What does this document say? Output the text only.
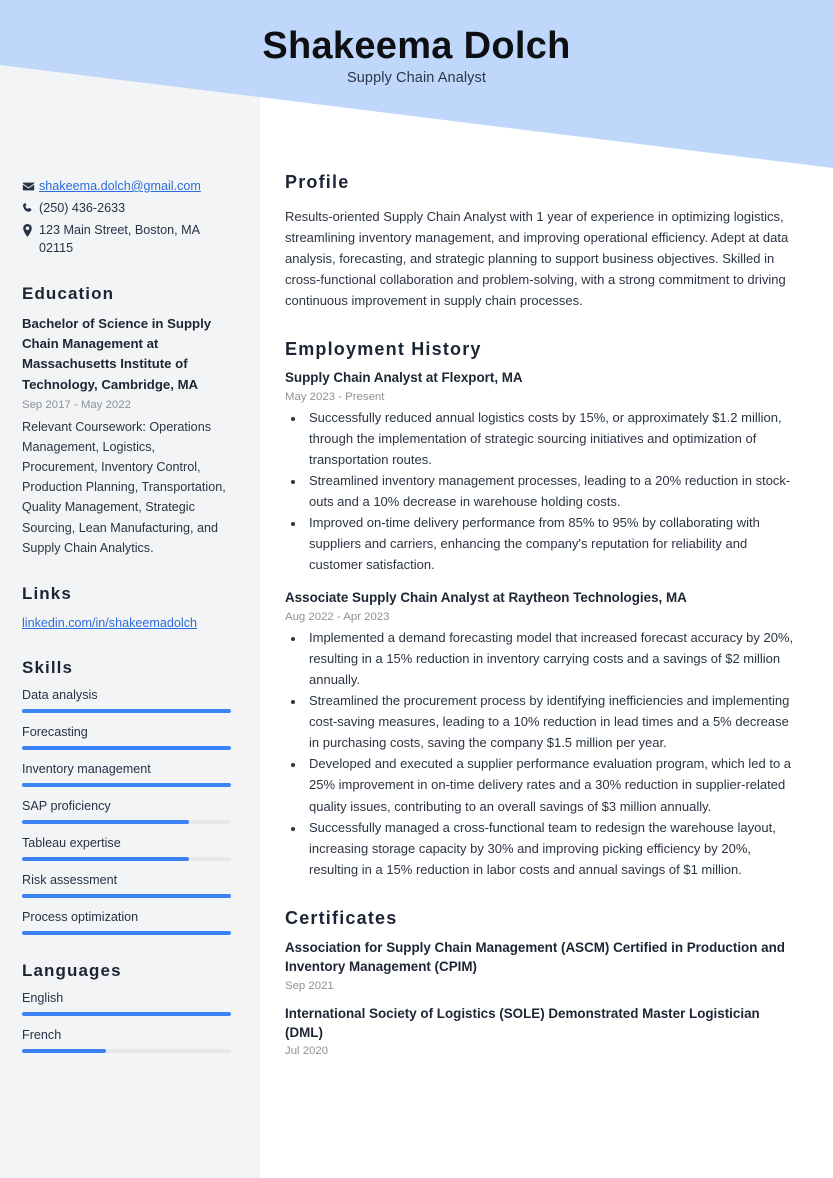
shakeema.dolch@gmail.com
(250) 436-2633
123 Main Street, Boston, MA 02115
Education
Bachelor of Science in Supply Chain Management at Massachusetts Institute of Technology, Cambridge, MA
Sep 2017 - May 2022
Relevant Coursework: Operations Management, Logistics, Procurement, Inventory Control, Production Planning, Transportation, Quality Management, Strategic Sourcing, Lean Manufacturing, and Supply Chain Analytics.
Links
linkedin.com/in/shakeemadolch
Skills
Data analysis
Forecasting
Inventory management
SAP proficiency
Tableau expertise
Risk assessment
Process optimization
Languages
English
French
Profile

Results-oriented Supply Chain Analyst with 1 year of experience in optimizing logistics, streamlining inventory management, and improving operational efficiency. Adept at data analysis, forecasting, and strategic planning to support business objectives. Skilled in cross-functional collaboration and problem-solving, with a strong commitment to driving continuous improvement in supply chain processes.

Employment History
Supply Chain Analyst at Flexport, MA
May 2023 - Present
• Successfully reduced annual logistics costs by 15%, or approximately $1.2 million, through the implementation of strategic sourcing initiatives and optimization of transportation routes.
• Streamlined inventory management processes, leading to a 20% reduction in stock-outs and a 10% decrease in warehouse holding costs.
• Improved on-time delivery performance from 85% to 95% by collaborating with suppliers and carriers, enhancing the company's reputation for reliability and customer satisfaction.
Associate Supply Chain Analyst at Raytheon Technologies, MA
Aug 2022 - Apr 2023
• Implemented a demand forecasting model that increased forecast accuracy by 20%, resulting in a 15% reduction in inventory carrying costs and a savings of $2 million annually.
• Streamlined the procurement process by identifying inefficiencies and implementing cost-saving measures, leading to a 10% reduction in lead times and a 5% decrease in purchasing costs, saving the company $1.5 million per year.
• Developed and executed a supplier performance evaluation program, which led to a 25% improvement in on-time delivery rates and a 30% reduction in supplier-related quality issues, contributing to an overall savings of $3 million annually.
• Successfully managed a cross-functional team to redesign the warehouse layout, increasing storage capacity by 30% and improving picking efficiency by 20%, resulting in a 15% reduction in labor costs and annual savings of $1 million.
Certificates
Association for Supply Chain Management (ASCM) Certified in Production and Inventory Management (CPIM)
Sep 2021
International Society of Logistics (SOLE) Demonstrated Master Logistician (DML)
Jul 2020
Shakeema Dolch
Supply Chain Analyst
